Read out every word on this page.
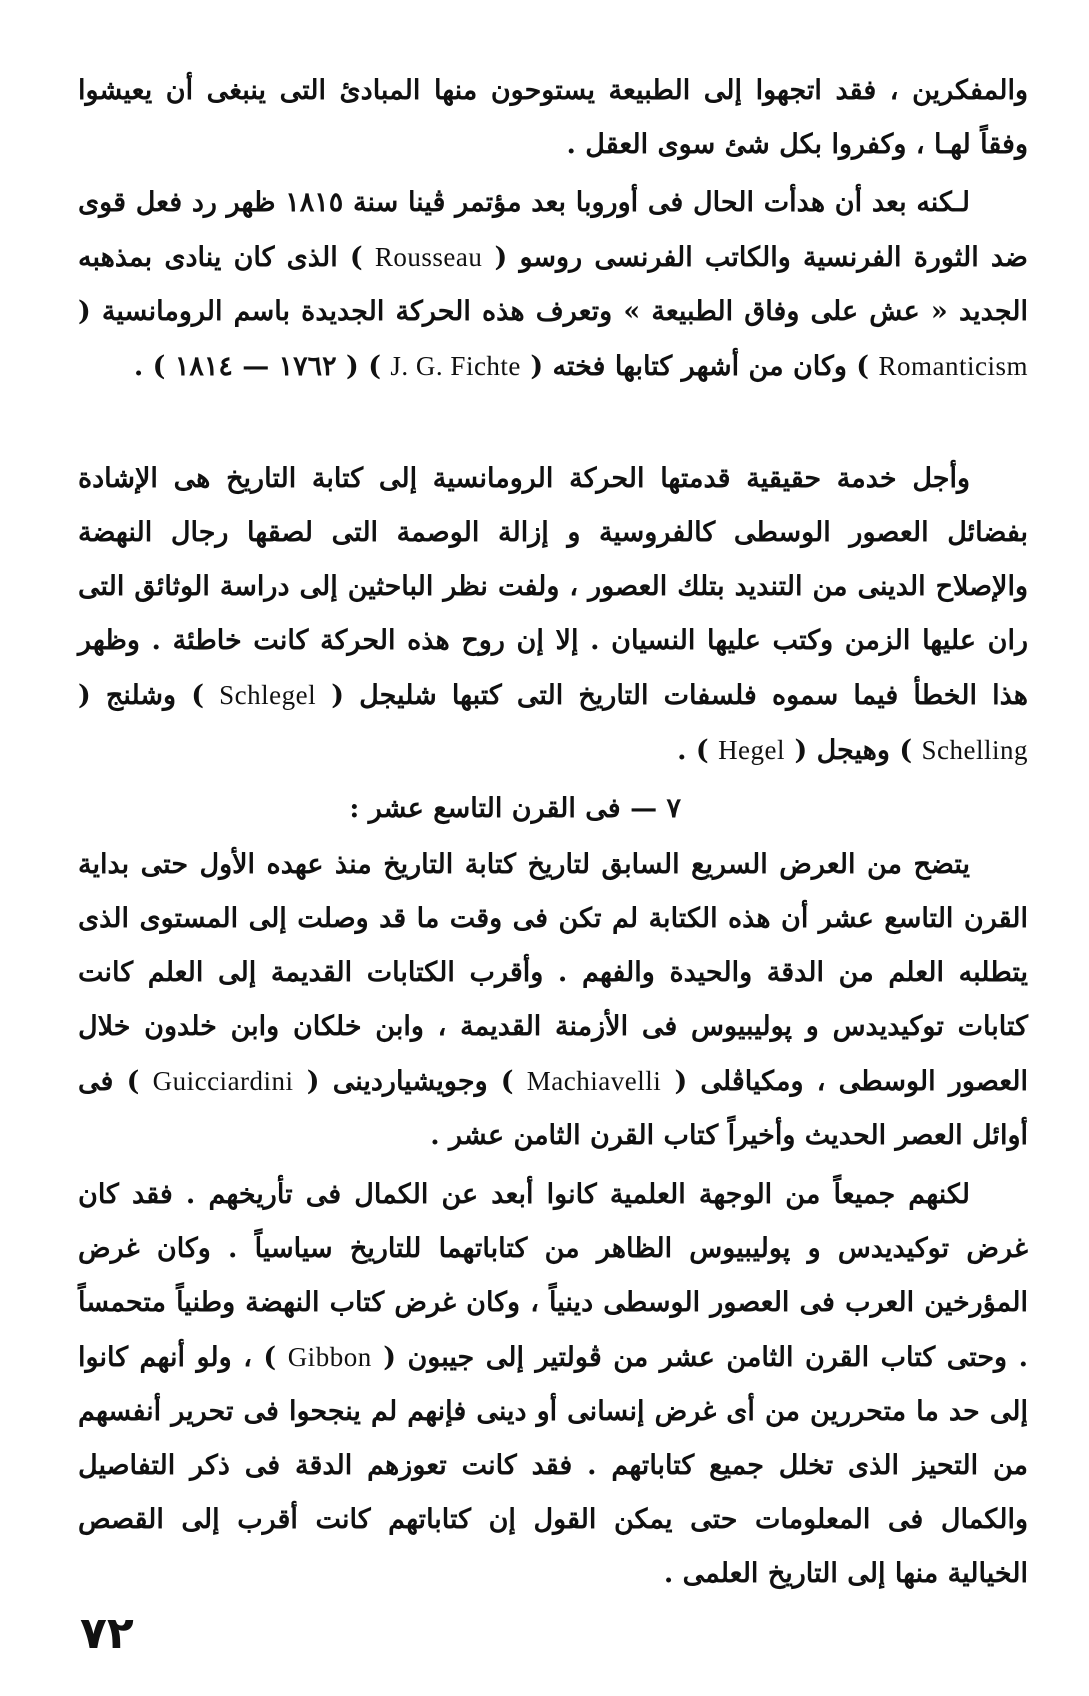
والمفكرين ، فقد اتجهوا إلى الطبيعة يستوحون منها المبادئ التى ينبغى أن يعيشوا وفقاً لهـا ، وكفروا بكل شئ سوى العقل .

لـكنه بعد أن هدأت الحال فى أوروبا بعد مؤتمر ڤينا سنة ١٨١٥ ظهر رد فعل قوى ضد الثورة الفرنسية والكاتب الفرنسى روسو ( Rousseau ) الذى كان ينادى بمذهبه الجديد « عش على وفاق الطبيعة » وتعرف هذه الحركة الجديدة باسم الرومانسية ( Romanticism ) وكان من أشهر كتابها فخته ( J. G. Fichte ) ( ١٧٦٢ — ١٨١٤ ) .
وأجل خدمة حقيقية قدمتها الحركة الرومانسية إلى كتابة التاريخ هى الإشادة بفضائل العصور الوسطى كالفروسية و إزالة الوصمة التى لصقها رجال النهضة والإصلاح الدينى من التنديد بتلك العصور ، ولفت نظر الباحثين إلى دراسة الوثائق التى ران عليها الزمن وكتب عليها النسيان . إلا إن روح هذه الحركة كانت خاطئة . وظهر هذا الخطأ فيما سموه فلسفات التاريخ التى كتبها شليجل ( Schlegel ) وشلنج ( Schelling ) وهيجل ( Hegel ) .
٧ — فى القرن التاسع عشر :
يتضح من العرض السريع السابق لتاريخ كتابة التاريخ منذ عهده الأول حتى بداية القرن التاسع عشر أن هذه الكتابة لم تكن فى وقت ما قد وصلت إلى المستوى الذى يتطلبه العلم من الدقة والحيدة والفهم . وأقرب الكتابات القديمة إلى العلم كانت كتابات توكيديدس و پوليبيوس فى الأزمنة القديمة ، وابن خلكان وابن خلدون خلال العصور الوسطى ، ومكياڤلى ( Machiavelli ) وجويشياردينى ( Guicciardini ) فى أوائل العصر الحديث وأخيراً كتاب القرن الثامن عشر .
لكنهم جميعاً من الوجهة العلمية كانوا أبعد عن الكمال فى تأريخهم . فقد كان غرض توكيديدس و پوليبيوس الظاهر من كتاباتهما للتاريخ سياسياً . وكان غرض المؤرخين العرب فى العصور الوسطى دينياً ، وكان غرض كتاب النهضة وطنياً متحمساً . وحتى كتاب القرن الثامن عشر من ڤولتير إلى جيبون ( Gibbon ) ، ولو أنهم كانوا إلى حد ما متحررين من أى غرض إنسانى أو دينى فإنهم لم ينجحوا فى تحرير أنفسهم من التحيز الذى تخلل جميع كتاباتهم . فقد كانت تعوزهم الدقة فى ذكر التفاصيل والكمال فى المعلومات حتى يمكن القول إن كتاباتهم كانت أقرب إلى القصص الخيالية منها إلى التاريخ العلمى .
٧٢
